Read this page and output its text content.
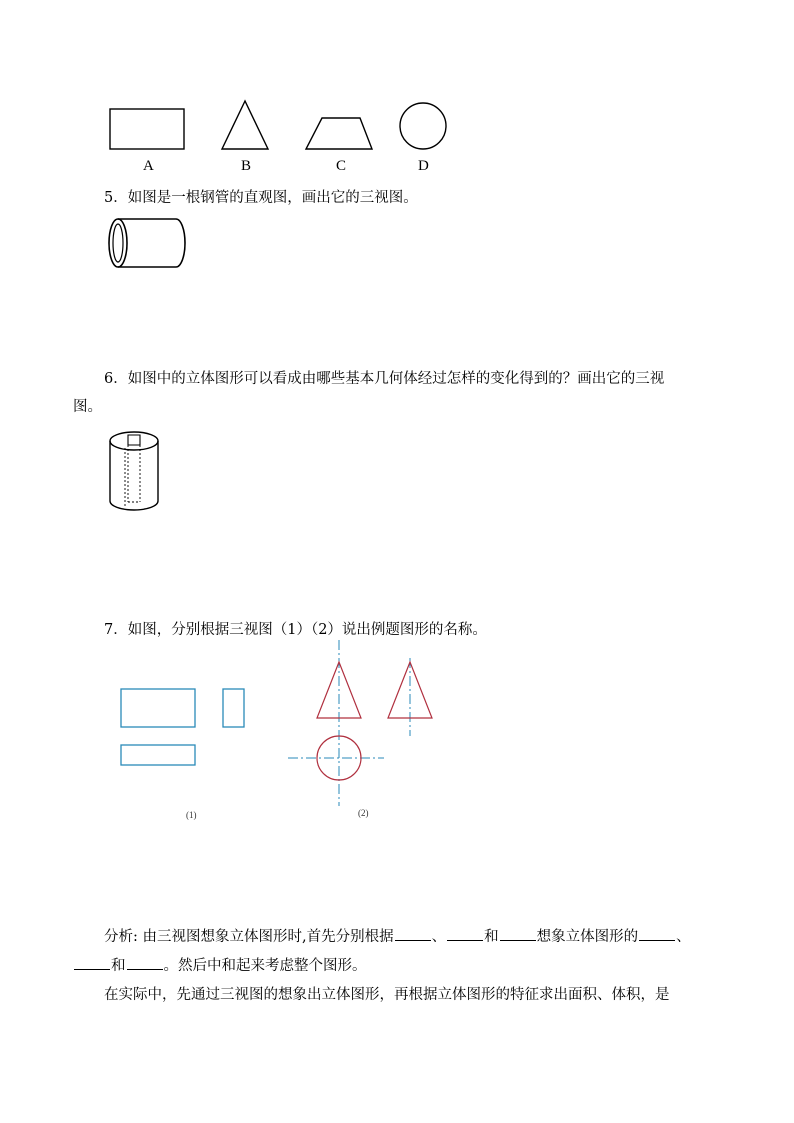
A	B	C	D
5．如图是一根钢管的直观图，画出它的三视图。
6．如图中的立体图形可以看成由哪些基本几何体经过怎样的变化得到的？画出它的三视
图。
7．如图，分别根据三视图（1）（2）说出例题图形的名称。
(1)	(2)
分析: 由三视图想象立体图形时,首先分别根据	、	和	想象立体图形的	、
和	。然后中和起来考虑整个图形。
在实际中，先通过三视图的想象出立体图形，再根据立体图形的特征求出面积、体积，是
